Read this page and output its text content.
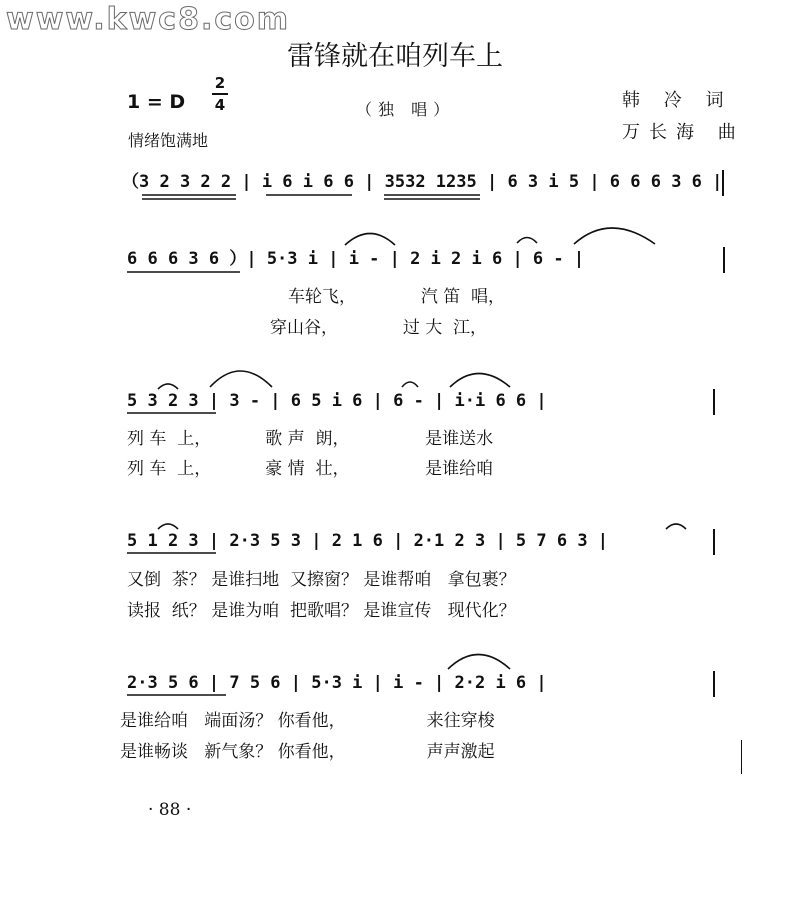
www.kwc8.com
雷锋就在咱列车上
1 = D
2
4	（独 唱）
情绪饱满地
韩 冷 词
万长海 曲
（3 2 3 2 2 | i 6 i 6 6 | 3532 1235 | 6 3 i 5 | 6 6 6 3 6 |
6 6 6 3 6 ）| 5·3 i | i - | 2 i 2 i 6 | 6 - |
车轮飞，            汽 笛  唱，
穿山谷，            过 大  江，
5 3 2 3 | 3 - | 6 5 i 6 | 6 - | i·i 6 6 |
列 车  上，          歌 声  朗，              是谁送水
列 车  上，          豪 情  壮，              是谁给咱
5 1 2 3 | 2·3 5 3 | 2 1 6 | 2·1 2 3 | 5 7 6 3 |
又倒  茶？ 是谁扫地  又擦窗？ 是谁帮咱   拿包裹？
读报  纸？ 是谁为咱  把歌唱？ 是谁宣传   现代化？
2·3 5 6 | 7 5 6 | 5·3 i | i - | 2·2 i 6 |
是谁给咱   端面汤？ 你看他，               来往穿梭
是谁畅谈   新气象？ 你看他，               声声激起
· 88 ·
